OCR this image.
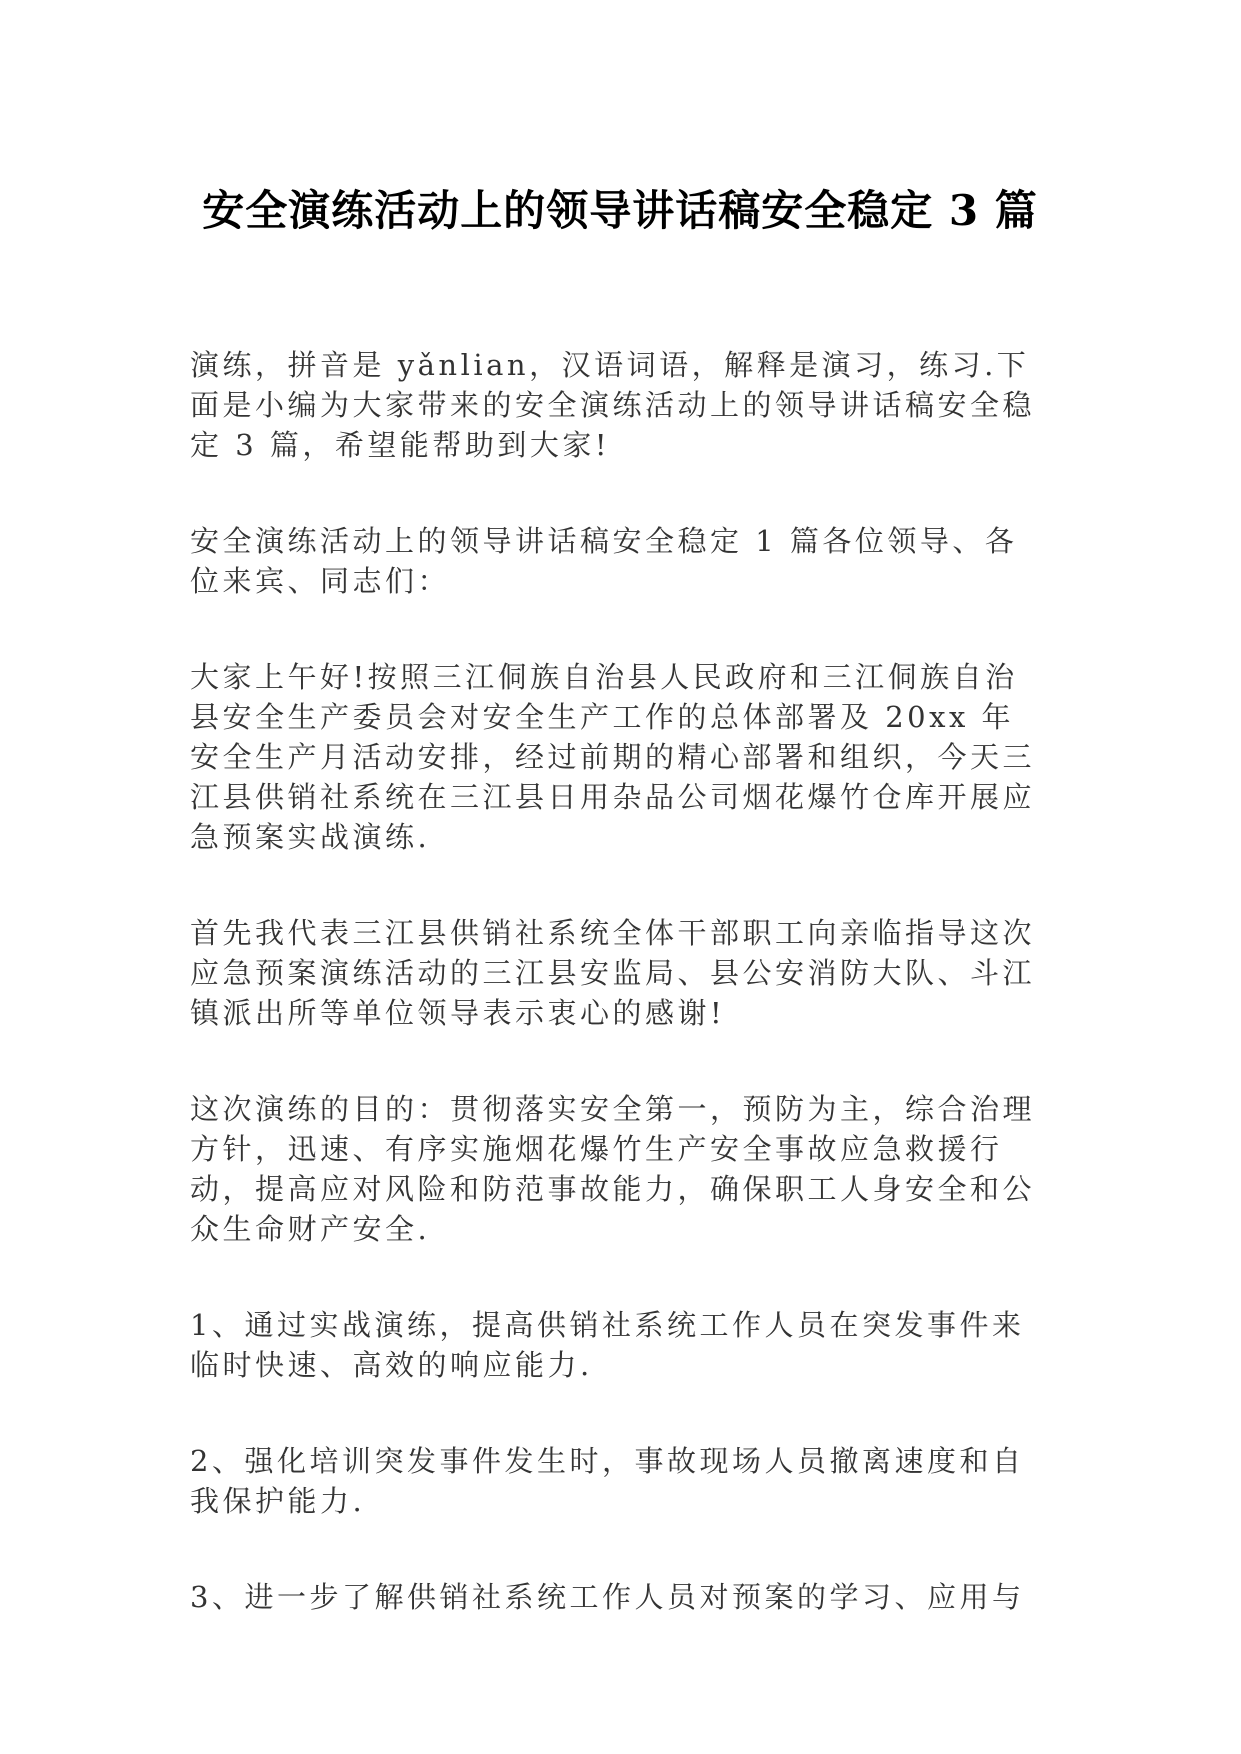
安全演练活动上的领导讲话稿安全稳定 3 篇

演练，拼音是 yǎnlian，汉语词语，解释是演习，练习.下面是小编为大家带来的安全演练活动上的领导讲话稿安全稳定 3 篇，希望能帮助到大家!

安全演练活动上的领导讲话稿安全稳定 1 篇各位领导、各位来宾、同志们：

大家上午好!按照三江侗族自治县人民政府和三江侗族自治县安全生产委员会对安全生产工作的总体部署及 20xx 年安全生产月活动安排，经过前期的精心部署和组织，今天三江县供销社系统在三江县日用杂品公司烟花爆竹仓库开展应急预案实战演练.

首先我代表三江县供销社系统全体干部职工向亲临指导这次应急预案演练活动的三江县安监局、县公安消防大队、斗江镇派出所等单位领导表示衷心的感谢!

这次演练的目的：贯彻落实安全第一，预防为主，综合治理方针，迅速、有序实施烟花爆竹生产安全事故应急救援行动，提高应对风险和防范事故能力，确保职工人身安全和公众生命财产安全.

1、通过实战演练，提高供销社系统工作人员在突发事件来临时快速、高效的响应能力.

2、强化培训突发事件发生时，事故现场人员撤离速度和自我保护能力.

3、进一步了解供销社系统工作人员对预案的学习、应用与
